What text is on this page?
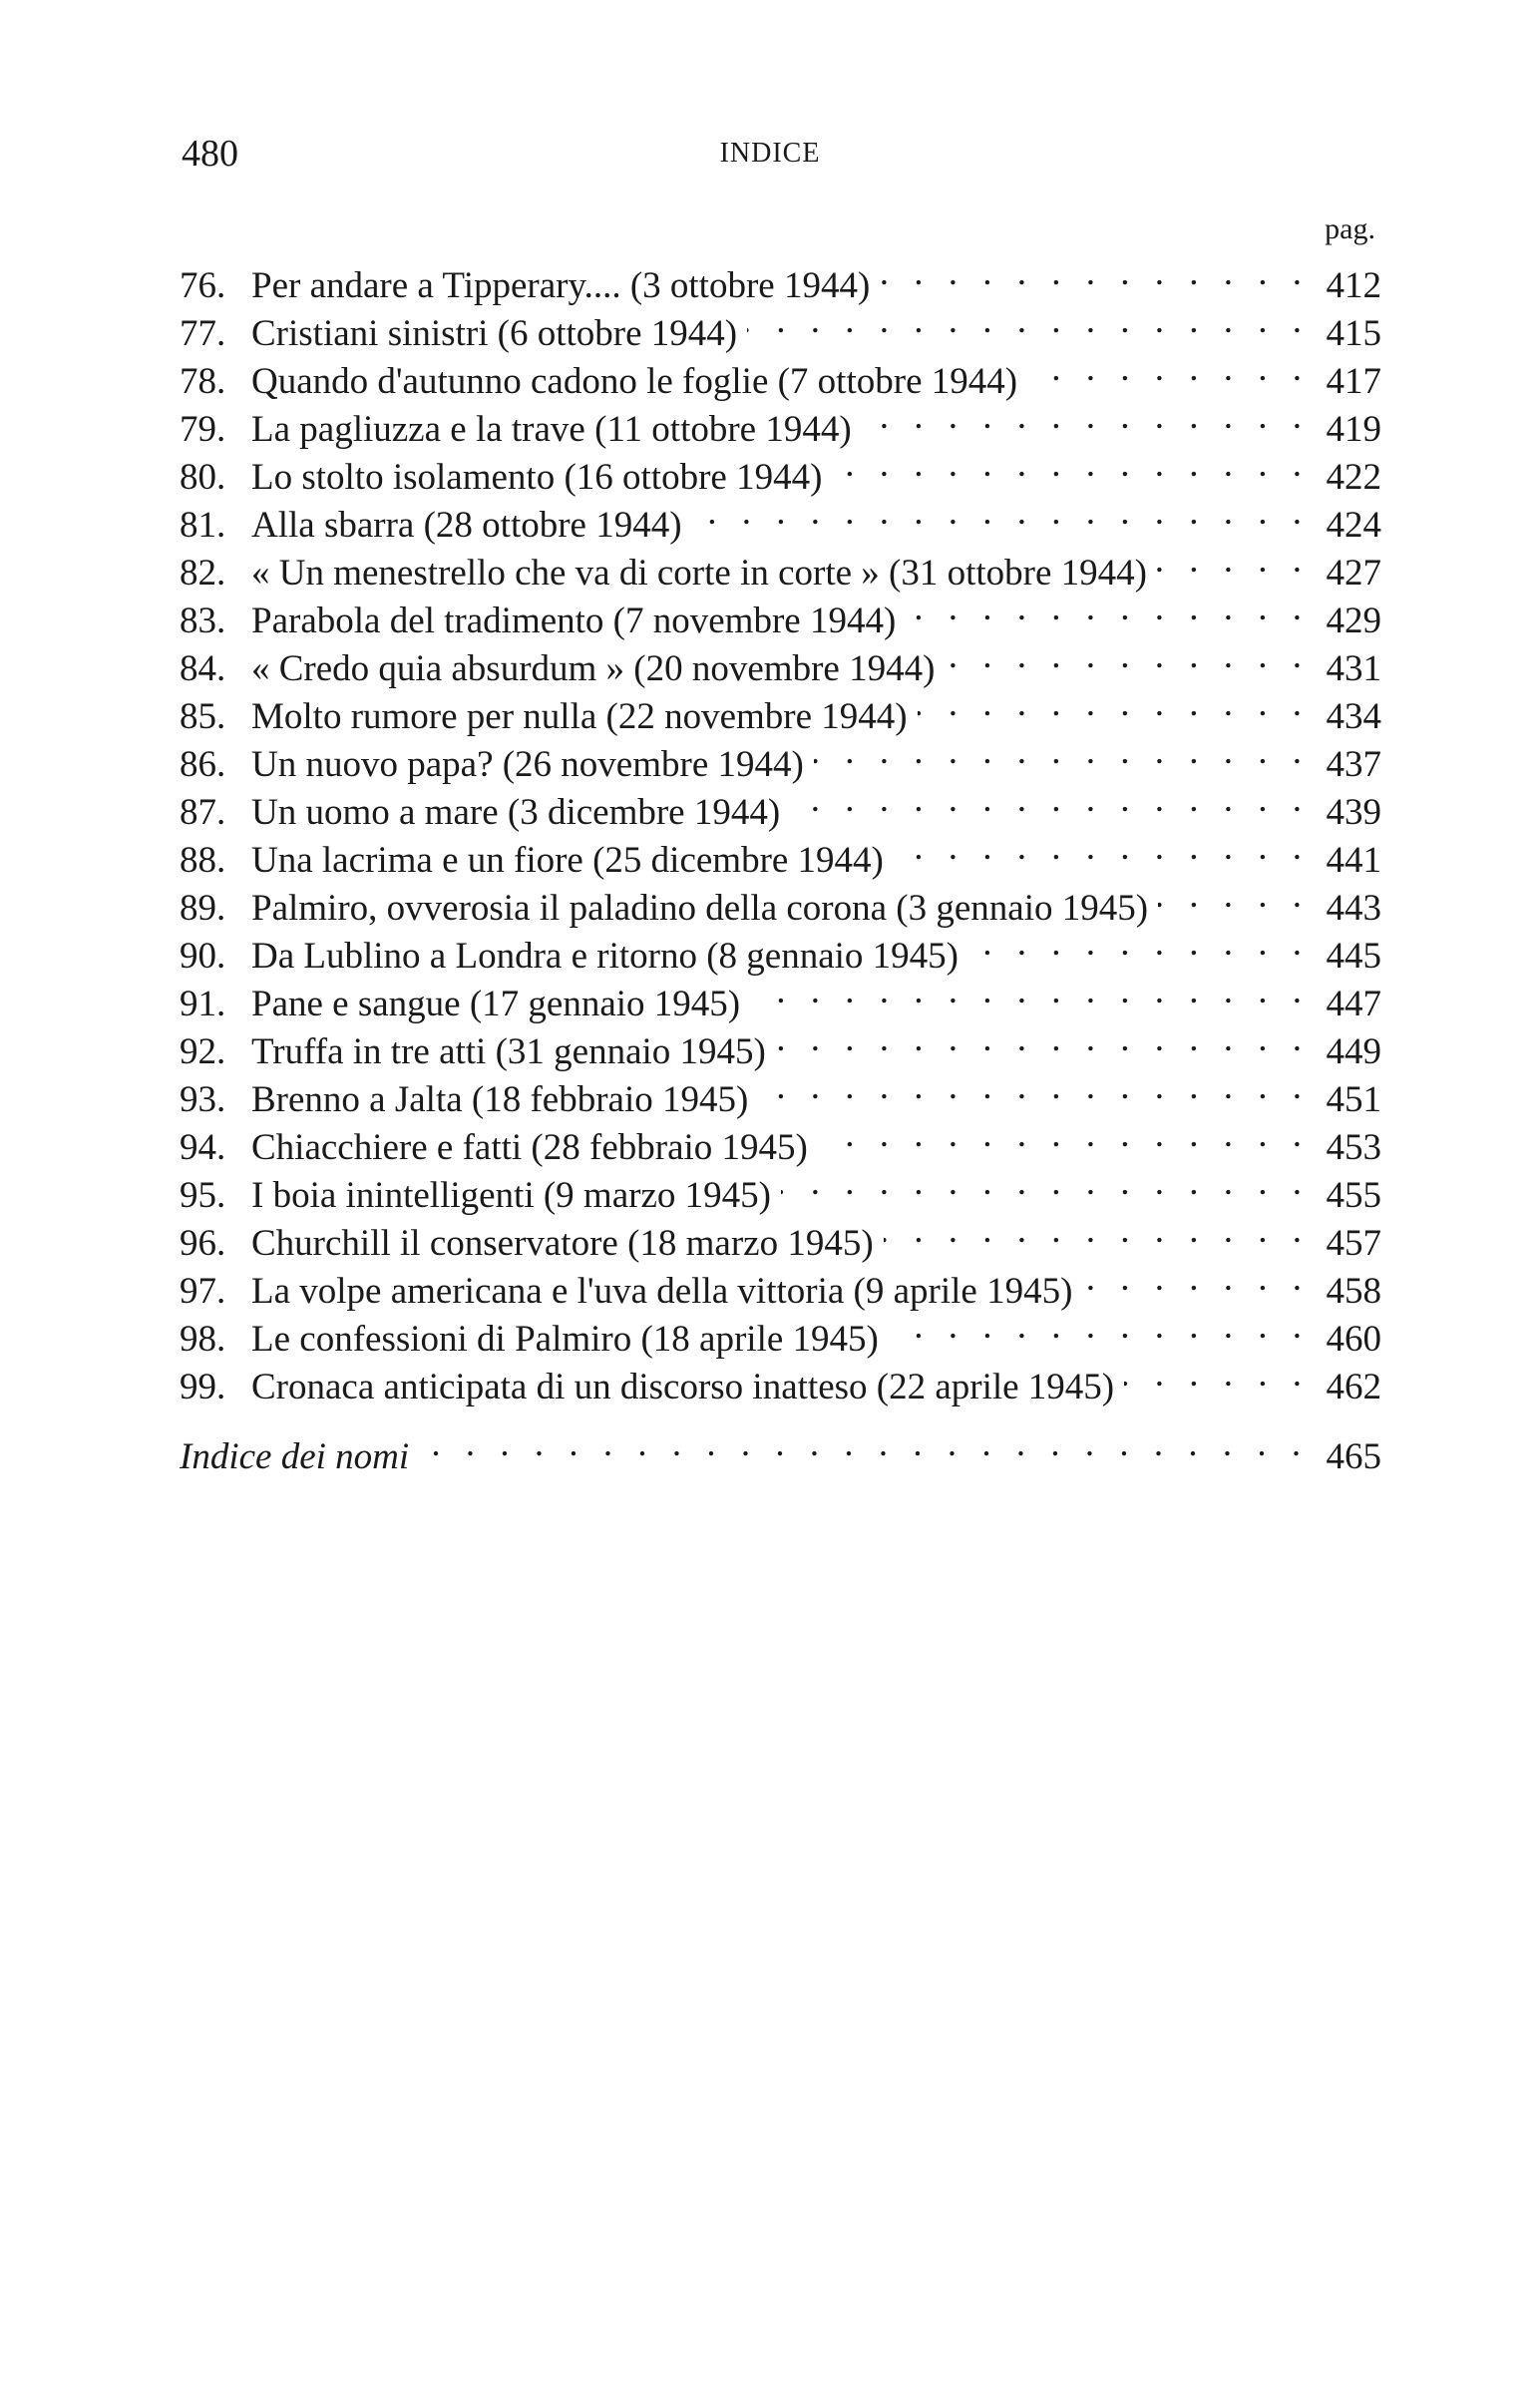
480	INDICE
pag.
76. Per andare a Tipperary.... (3 ottobre 1944) . . .	412
77. Cristiani sinistri (6 ottobre 1944) . . .	415
78. Quando d'autunno cadono le foglie (7 ottobre 1944) . . .	417
79. La pagliuzza e la trave (11 ottobre 1944) . . .	419
80. Lo stolto isolamento (16 ottobre 1944) . . .	422
81. Alla sbarra (28 ottobre 1944) . . .	424
82. « Un menestrello che va di corte in corte » (31 ottobre 1944) . . .	427
83. Parabola del tradimento (7 novembre 1944) . . .	429
84. « Credo quia absurdum » (20 novembre 1944) . . .	431
85. Molto rumore per nulla (22 novembre 1944) . . .	434
86. Un nuovo papa? (26 novembre 1944) . . .	437
87. Un uomo a mare (3 dicembre 1944) . . .	439
88. Una lacrima e un fiore (25 dicembre 1944) . . .	441
89. Palmiro, ovverosia il paladino della corona (3 gennaio 1945) . . .	443
90. Da Lublino a Londra e ritorno (8 gennaio 1945) . . .	445
91. Pane e sangue (17 gennaio 1945) . . .	447
92. Truffa in tre atti (31 gennaio 1945) . . .	449
93. Brenno a Jalta (18 febbraio 1945) . . .	451
94. Chiacchiere e fatti (28 febbraio 1945) . . .	453
95. I boia inintelligenti (9 marzo 1945) . . .	455
96. Churchill il conservatore (18 marzo 1945) . . .	457
97. La volpe americana e l'uva della vittoria (9 aprile 1945) . . .	458
98. Le confessioni di Palmiro (18 aprile 1945) . . .	460
99. Cronaca anticipata di un discorso inatteso (22 aprile 1945) . . .	462
Indice dei nomi . . .	465
